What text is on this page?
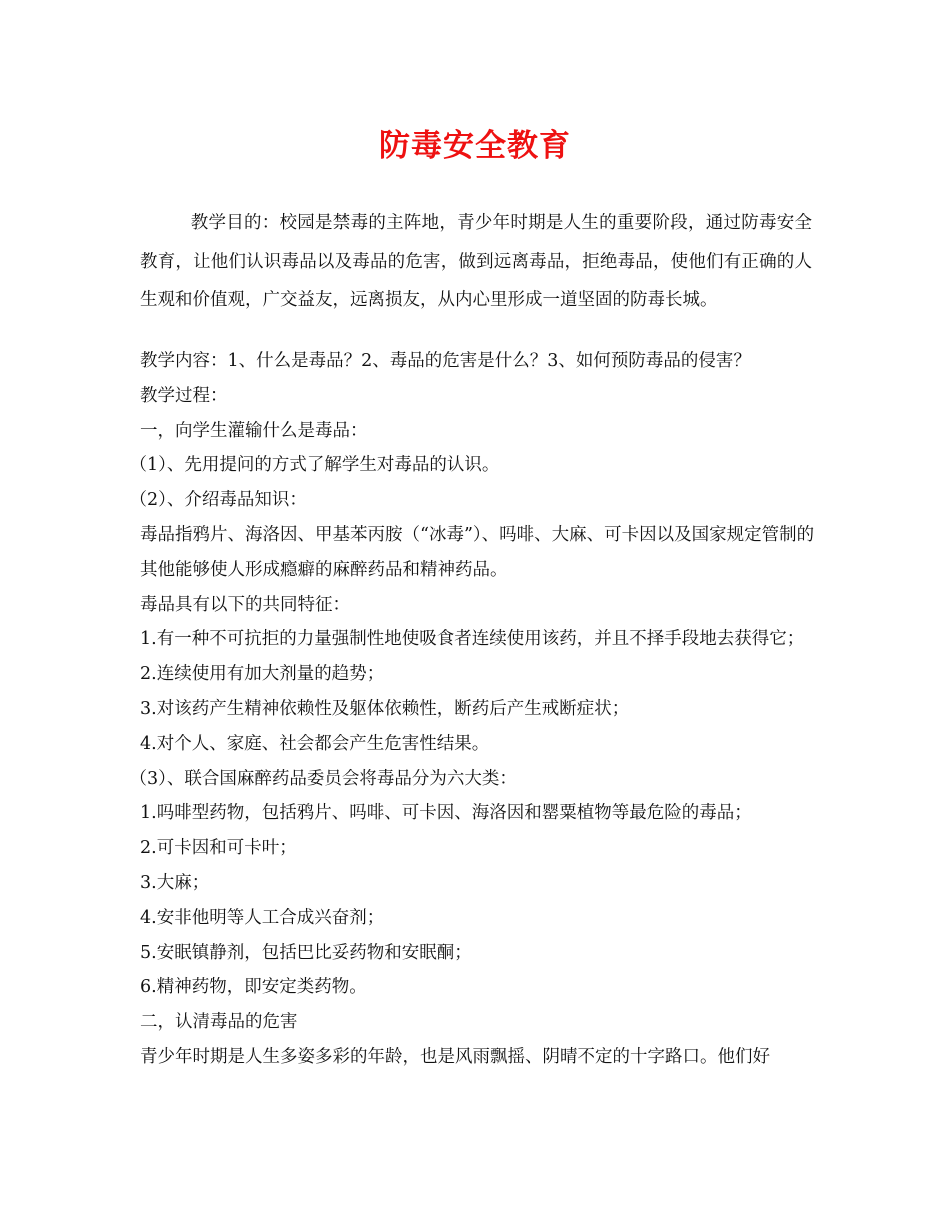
防毒安全教育
教学目的：校园是禁毒的主阵地，青少年时期是人生的重要阶段，通过防毒安全教育，让他们认识毒品以及毒品的危害，做到远离毒品，拒绝毒品，使他们有正确的人生观和价值观，广交益友，远离损友，从内心里形成一道坚固的防毒长城。

教学内容：1、什么是毒品？2、毒品的危害是什么？3、如何预防毒品的侵害？

教学过程：

一，向学生灌输什么是毒品：

（1）、先用提问的方式了解学生对毒品的认识。

（2）、介绍毒品知识：

毒品指鸦片、海洛因、甲基苯丙胺（“冰毒”）、吗啡、大麻、可卡因以及国家规定管制的其他能够使人形成瘾癖的麻醉药品和精神药品。

毒品具有以下的共同特征：

1.有一种不可抗拒的力量强制性地使吸食者连续使用该药，并且不择手段地去获得它；

2.连续使用有加大剂量的趋势；

3.对该药产生精神依赖性及躯体依赖性，断药后产生戒断症状；

4.对个人、家庭、社会都会产生危害性结果。

（3）、联合国麻醉药品委员会将毒品分为六大类：

1.吗啡型药物，包括鸦片、吗啡、可卡因、海洛因和罂粟植物等最危险的毒品；

2.可卡因和可卡叶；

3.大麻；

4.安非他明等人工合成兴奋剂；

5.安眠镇静剂，包括巴比妥药物和安眠酮；

6.精神药物，即安定类药物。

二，认清毒品的危害

青少年时期是人生多姿多彩的年龄，也是风雨飘摇、阴晴不定的十字路口。他们好
